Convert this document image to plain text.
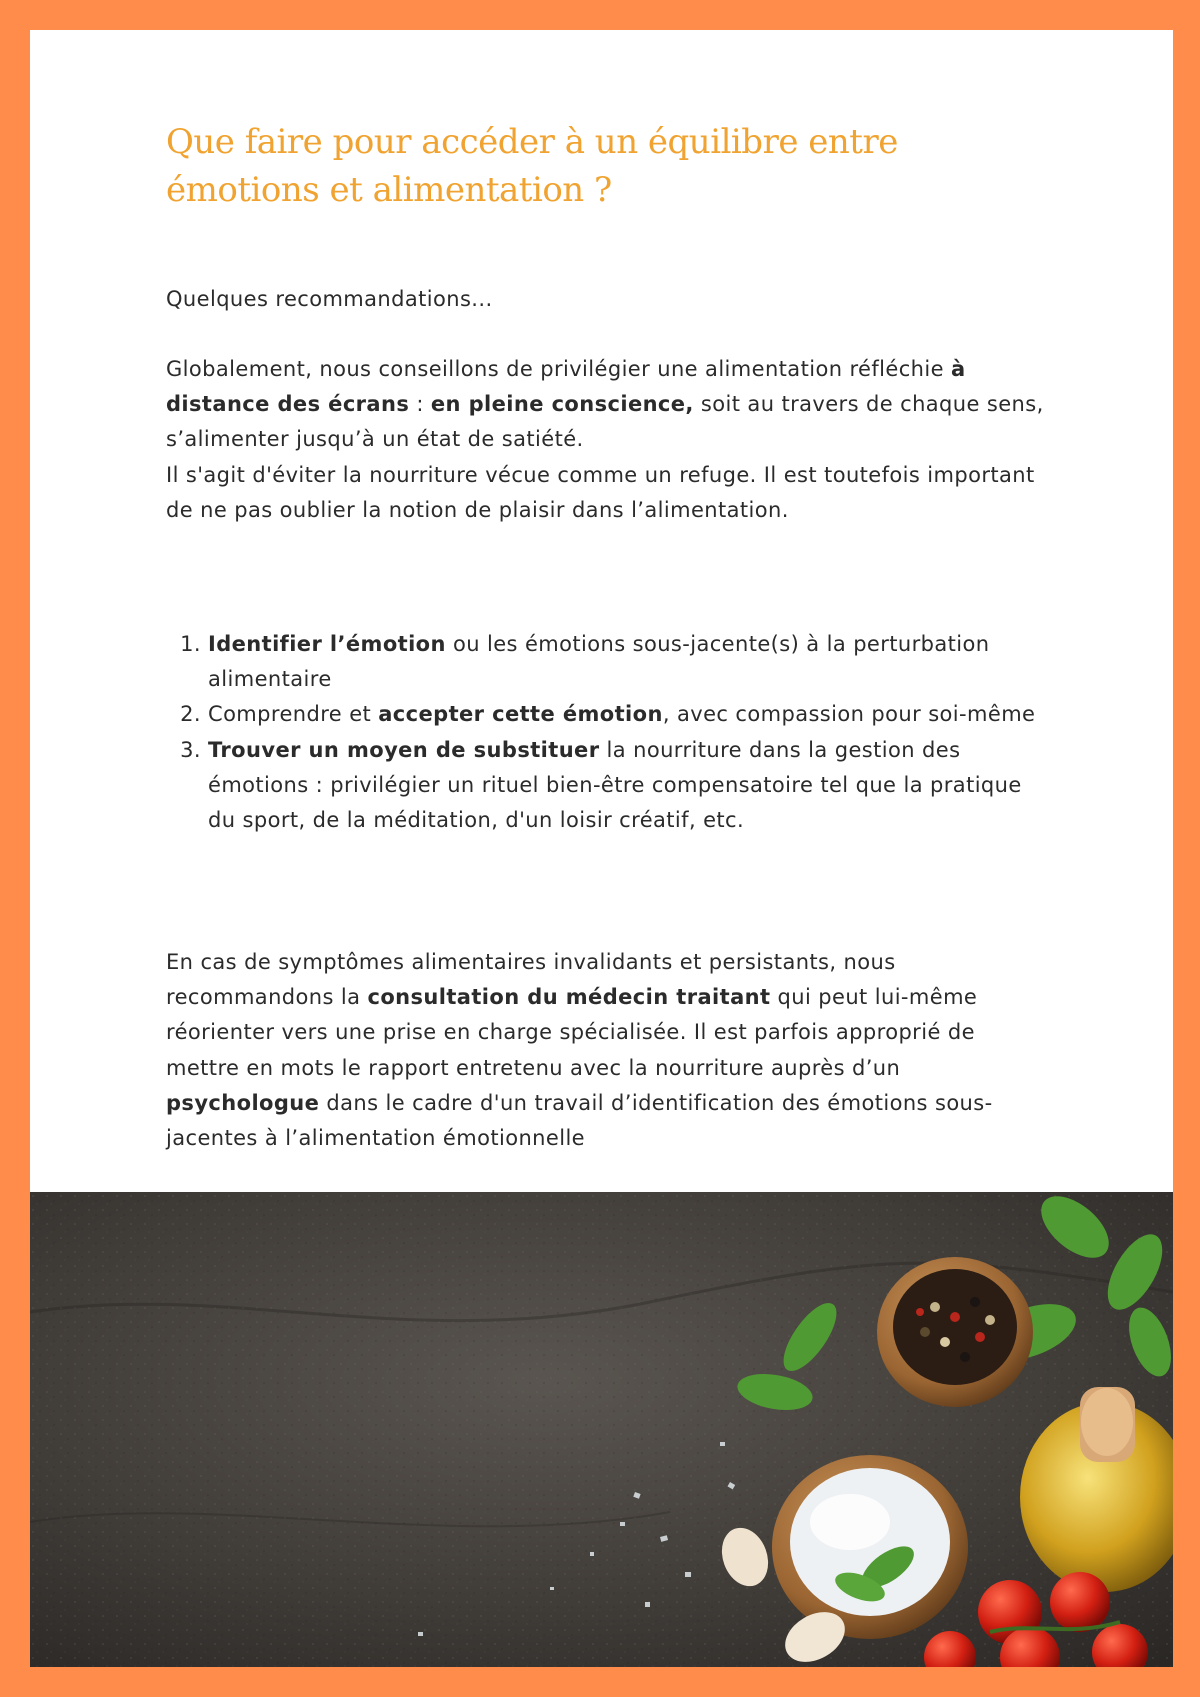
Que faire pour accéder à un équilibre entre émotions et alimentation ?

Quelques recommandations...

Globalement, nous conseillons de privilégier une alimentation réfléchie à distance des écrans : en pleine conscience, soit au travers de chaque sens, s’alimenter jusqu’à un état de satiété.
Il s'agit d'éviter la nourriture vécue comme un refuge. Il est toutefois important de ne pas oublier la notion de plaisir dans l’alimentation.

1. Identifier l’émotion ou les émotions sous-jacente(s) à la perturbation alimentaire
2. Comprendre et accepter cette émotion, avec compassion pour soi-même
3. Trouver un moyen de substituer la nourriture dans la gestion des émotions : privilégier un rituel bien-être compensatoire tel que la pratique du sport, de la méditation, d'un loisir créatif, etc.

En cas de symptômes alimentaires invalidants et persistants, nous recommandons la consultation du médecin traitant qui peut lui-même réorienter vers une prise en charge spécialisée. Il est parfois approprié de mettre en mots le rapport entretenu avec la nourriture auprès d’un psychologue dans le cadre d'un travail d’identification des émotions sous-jacentes à l’alimentation émotionnelle
